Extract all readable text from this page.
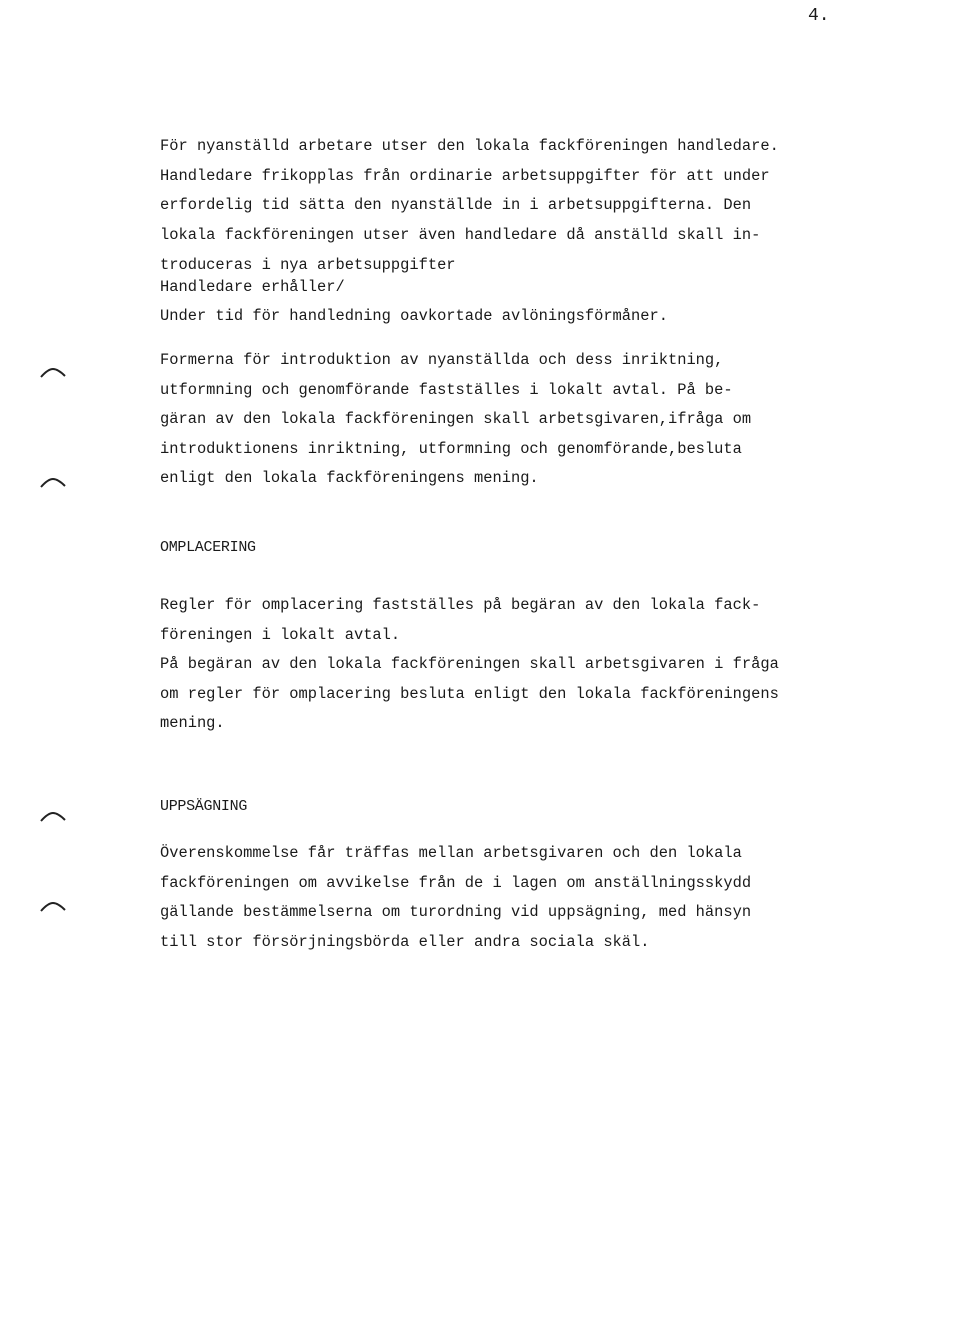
4.

För nyanställd arbetare utser den lokala fackföreningen handledare.
Handledare frikopplas från ordinarie arbetsuppgifter för att under
erfordelig tid sätta den nyanställde in i arbetsuppgifterna. Den
lokala fackföreningen utser även handledare då anställd skall in-
troduceras i nya arbetsuppgifter
Handledare erhåller/
Under tid för handledning oavkortade avlöningsförmåner.

Formerna för introduktion av nyanställda och dess inriktning,
utformning och genomförande fastställes i lokalt avtal. På be-
gäran av den lokala fackföreningen skall arbetsgivaren,ifråga om
introduktionens inriktning, utformning och genomförande,besluta
enligt den lokala fackföreningens mening.

OMPLACERING

Regler för omplacering fastställes på begäran av den lokala fack-
föreningen i lokalt avtal.
På begäran av den lokala fackföreningen skall arbetsgivaren i fråga
om regler för omplacering besluta enligt den lokala fackföreningens
mening.

UPPSÄGNING

Överenskommelse får träffas mellan arbetsgivaren och den lokala
fackföreningen om avvikelse från de i lagen om anställningsskydd
gällande bestämmelserna om turordning vid uppsägning, med hänsyn
till stor försörjningsbörda eller andra sociala skäl.
